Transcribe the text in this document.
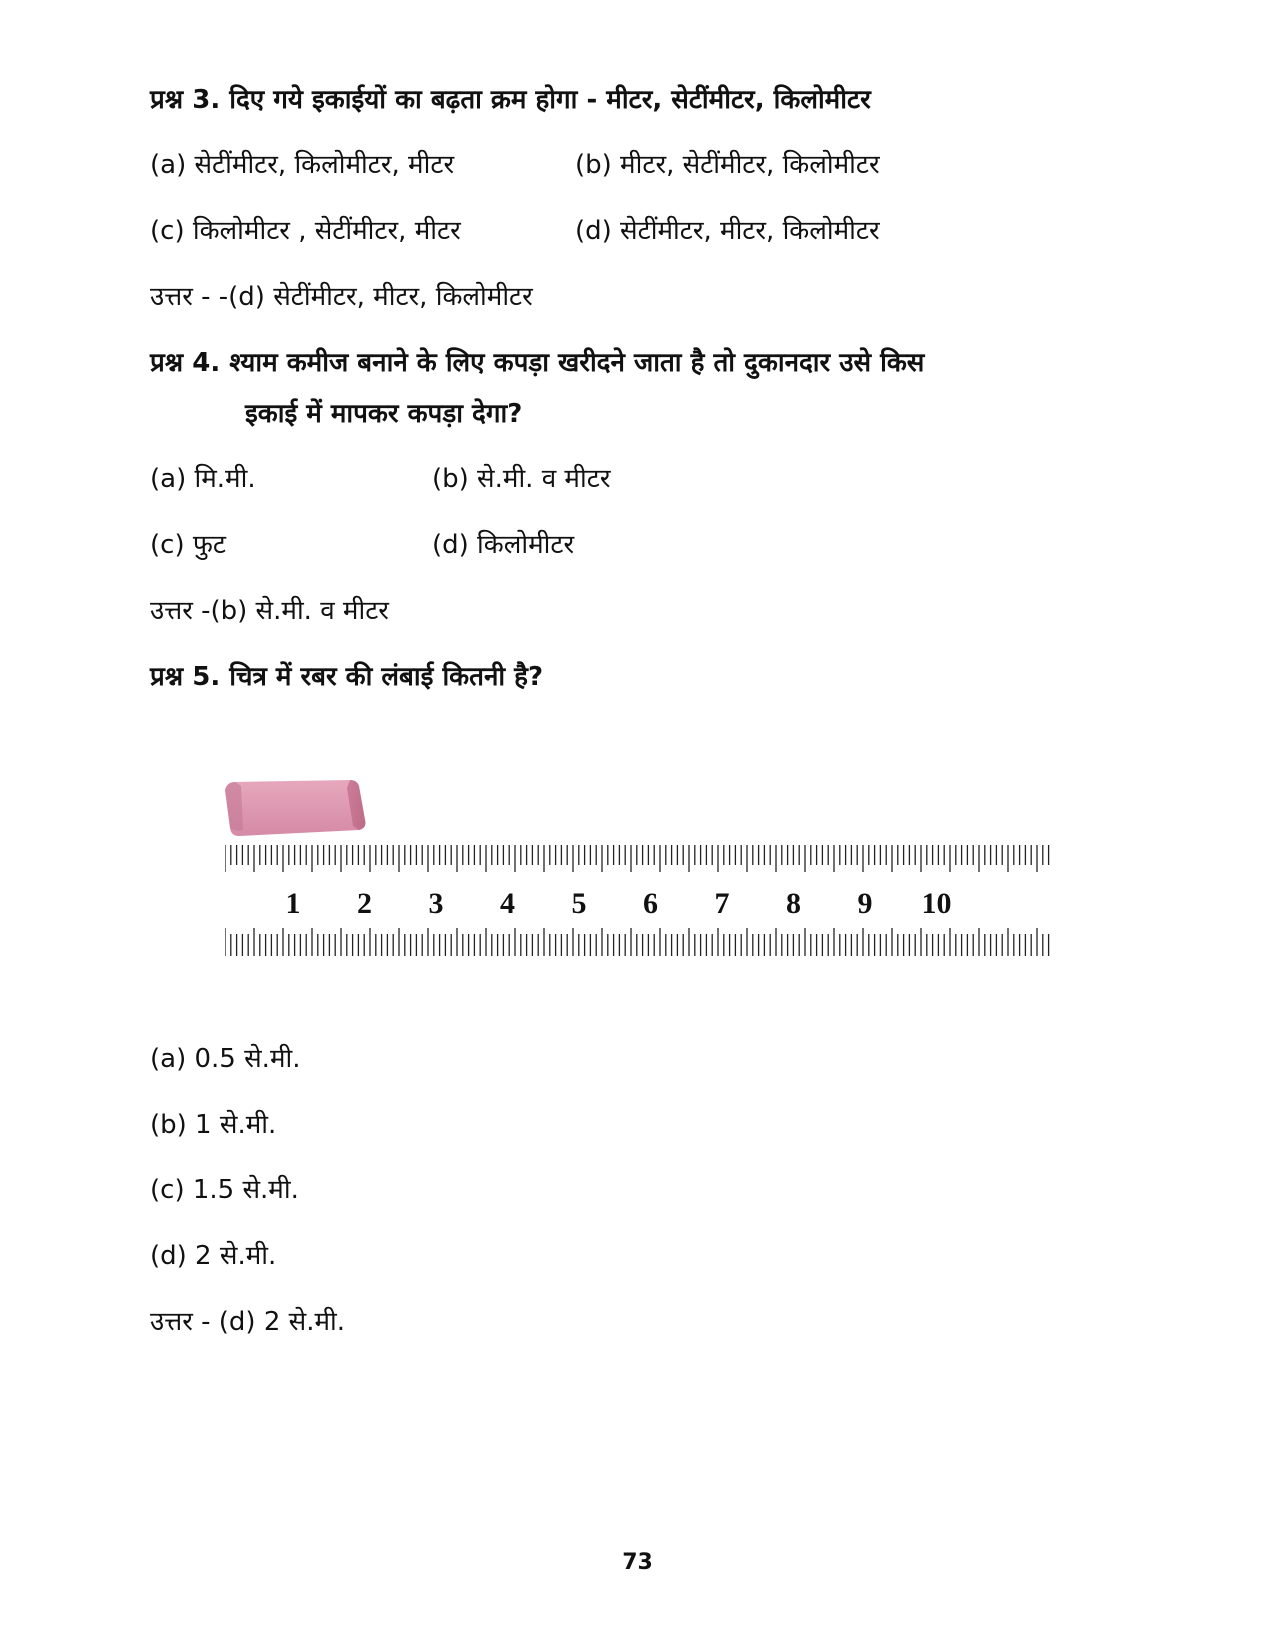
प्रश्न 3. दिए गये इकाईयों का बढ़ता क्रम होगा - मीटर, सेटींमीटर, किलोमीटर
(a) सेटींमीटर, किलोमीटर, मीटर	(b) मीटर, सेटींमीटर, किलोमीटर
(c) किलोमीटर , सेटींमीटर, मीटर	(d) सेटींमीटर, मीटर, किलोमीटर
उत्तर - -(d) सेटींमीटर, मीटर, किलोमीटर
प्रश्न 4. श्याम कमीज बनाने के लिए कपड़ा खरीदने जाता है तो दुकानदार उसे किस
इकाई में मापकर कपड़ा देगा?
(a) मि.मी.	(b) से.मी. व मीटर
(c) फुट	(d) किलोमीटर
उत्तर -(b) से.मी. व मीटर
प्रश्न 5. चित्र में रबर की लंबाई कितनी है?
1 2 3 4 5 6 7 8 9 10
(a) 0.5 से.मी.
(b) 1 से.मी.
(c) 1.5 से.मी.
(d) 2 से.मी.
उत्तर - (d) 2 से.मी.
73
